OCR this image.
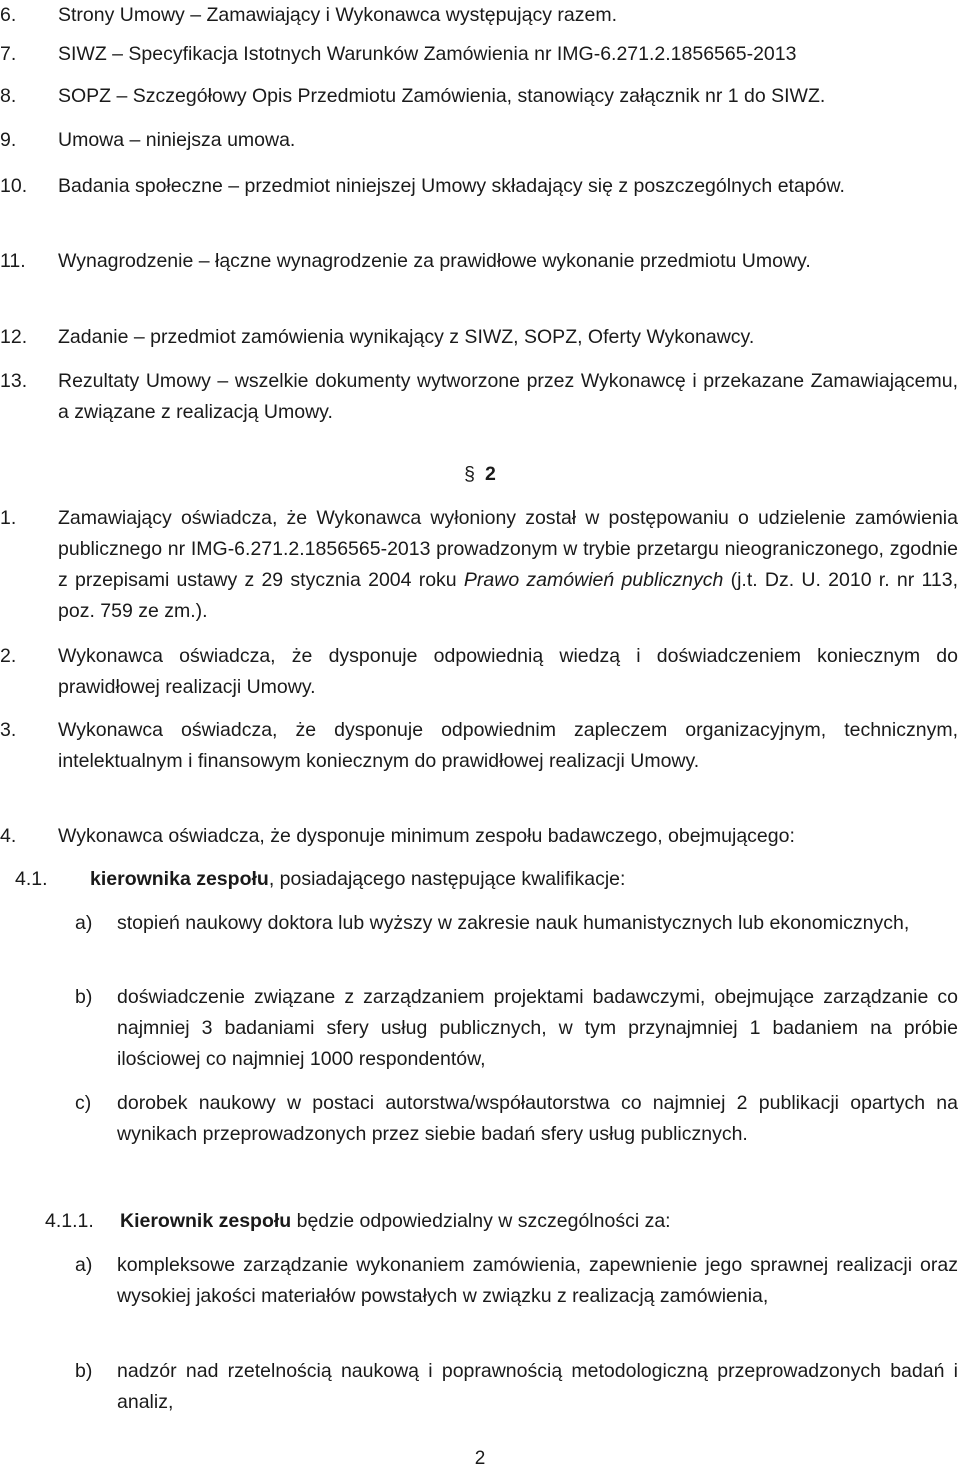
6.	Strony Umowy – Zamawiający i Wykonawca występujący razem.
7.	SIWZ – Specyfikacja Istotnych Warunków Zamówienia nr IMG-6.271.2.1856565-2013
8.	SOPZ – Szczegółowy Opis Przedmiotu Zamówienia, stanowiący załącznik nr 1 do SIWZ.
9.	Umowa – niniejsza umowa.
10.	Badania społeczne – przedmiot niniejszej Umowy składający się z poszczególnych etapów.
11.	Wynagrodzenie – łączne wynagrodzenie za prawidłowe wykonanie przedmiotu Umowy.
12.	Zadanie – przedmiot zamówienia wynikający z SIWZ, SOPZ, Oferty Wykonawcy.
13.	Rezultaty Umowy – wszelkie dokumenty wytworzone przez Wykonawcę i przekazane Zamawiającemu, a związane z realizacją Umowy.
§ 2
1.	Zamawiający oświadcza, że Wykonawca wyłoniony został w postępowaniu o udzielenie zamówienia publicznego nr IMG-6.271.2.1856565-2013 prowadzonym w trybie przetargu nieograniczonego, zgodnie z przepisami ustawy z 29 stycznia 2004 roku Prawo zamówień publicznych (j.t. Dz. U. 2010 r. nr 113, poz. 759 ze zm.).
2.	Wykonawca oświadcza, że dysponuje odpowiednią wiedzą i doświadczeniem koniecznym do prawidłowej realizacji Umowy.
3.	Wykonawca oświadcza, że dysponuje odpowiednim zapleczem organizacyjnym, technicznym, intelektualnym i finansowym koniecznym do prawidłowej realizacji Umowy.
4.	Wykonawca oświadcza, że dysponuje minimum zespołu badawczego, obejmującego:
4.1.	kierownika zespołu, posiadającego następujące kwalifikacje:
a)	stopień naukowy doktora lub wyższy w zakresie nauk humanistycznych lub ekonomicznych,
b)	doświadczenie związane z zarządzaniem projektami badawczymi, obejmujące zarządzanie co najmniej 3 badaniami sfery usług publicznych, w tym przynajmniej 1 badaniem na próbie ilościowej co najmniej 1000 respondentów,
c)	dorobek naukowy w postaci autorstwa/współautorstwa co najmniej 2 publikacji opartych na wynikach przeprowadzonych przez siebie badań sfery usług publicznych.
4.1.1.	Kierownik zespołu będzie odpowiedzialny w szczególności za:
a)	kompleksowe zarządzanie wykonaniem zamówienia, zapewnienie jego sprawnej realizacji oraz wysokiej jakości materiałów powstałych w związku z realizacją zamówienia,
b)	nadzór nad rzetelnością naukową i poprawnością metodologiczną przeprowadzonych badań i analiz,
2
